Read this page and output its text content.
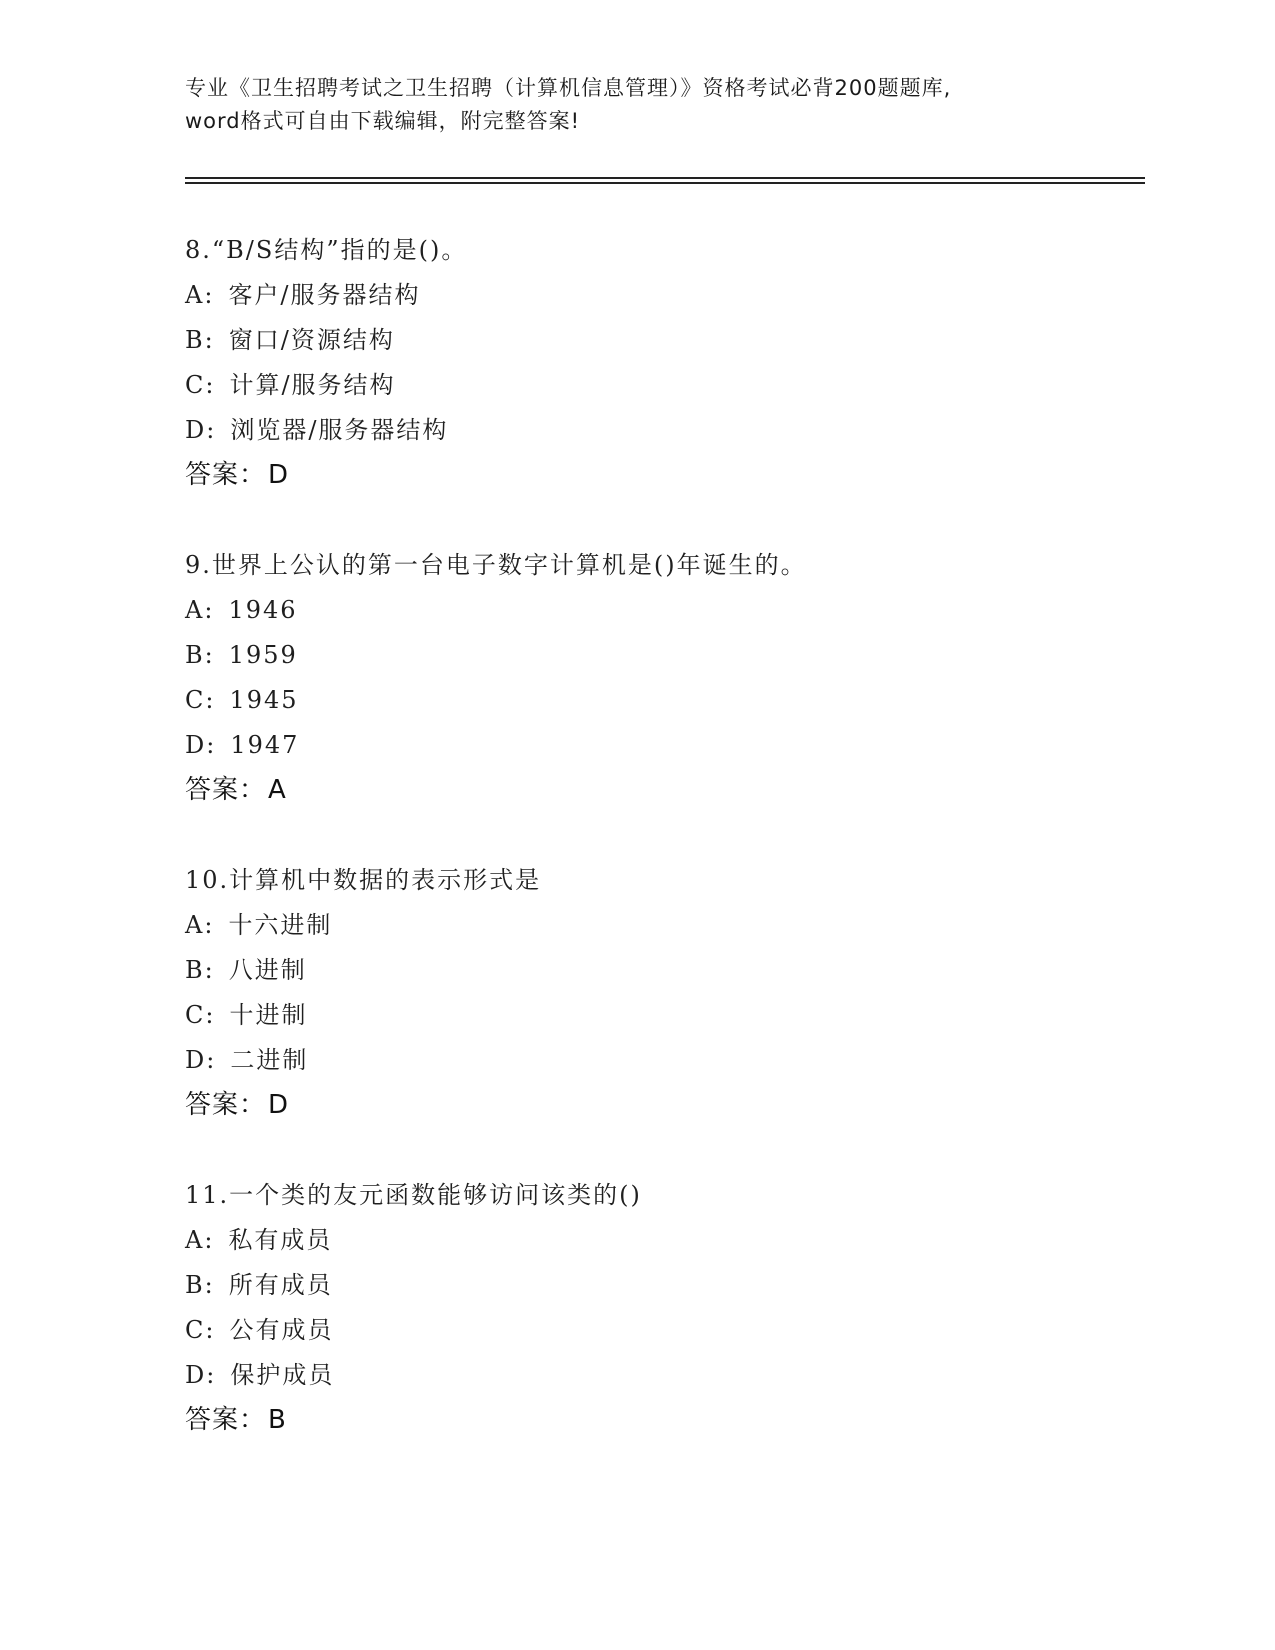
专业《卫生招聘考试之卫生招聘（计算机信息管理）》资格考试必背200题题库,
word格式可自由下载编辑，附完整答案!
8.“B/S结构”指的是()。
A: 客户/服务器结构
B: 窗口/资源结构
C: 计算/服务结构
D: 浏览器/服务器结构
答案：D
9.世界上公认的第一台电子数字计算机是()年诞生的。
A: 1946
B: 1959
C: 1945
D: 1947
答案：A
10.计算机中数据的表示形式是
A: 十六进制
B: 八进制
C: 十进制
D: 二进制
答案：D
11.一个类的友元函数能够访问该类的()
A: 私有成员
B: 所有成员
C: 公有成员
D: 保护成员
答案：B
